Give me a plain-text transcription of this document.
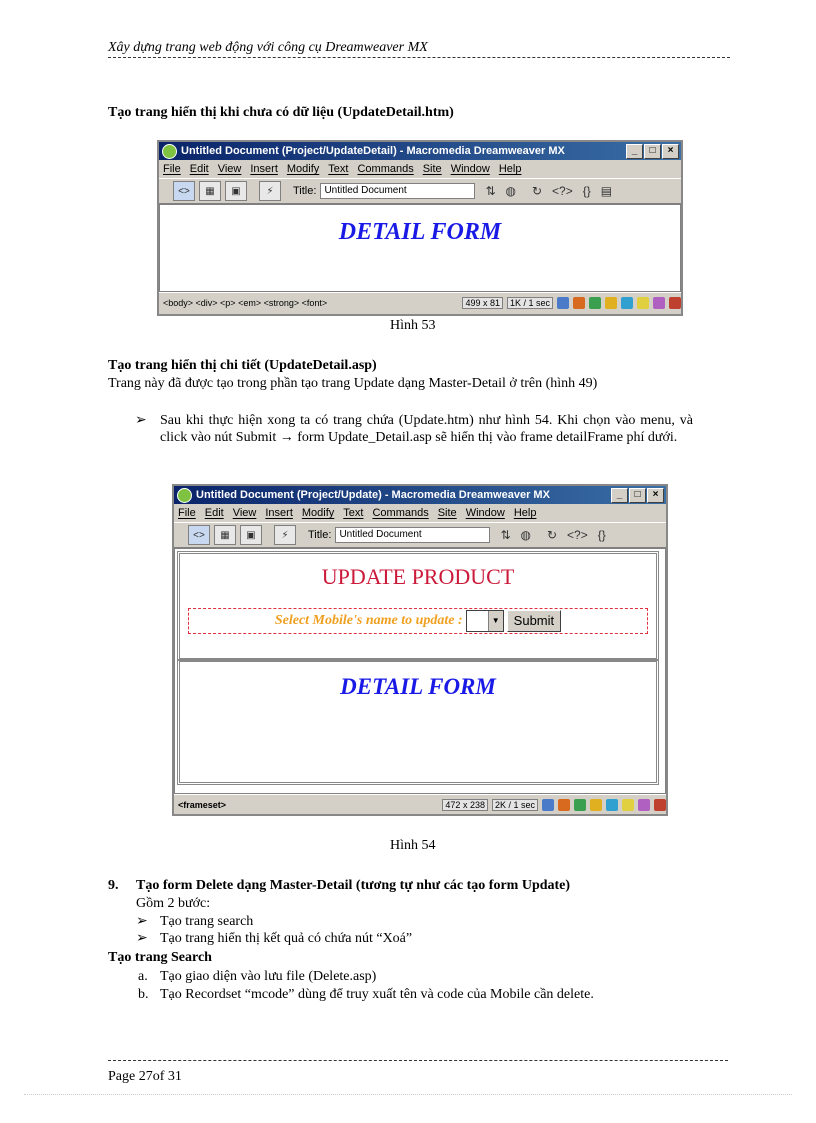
Xây dựng trang web động với công cụ Dreamweaver MX
Tạo trang hiển thị khi chưa có dữ liệu (UpdateDetail.htm)
Untitled Document (Project/UpdateDetail) - Macromedia Dreamweaver MX	_	□	×
File Edit View Insert Modify Text Commands Site Window Help
<>	▦	▣	⚡	Title: Untitled Document	⇅ ◍ ↻ <?> {} ▤
DETAIL FORM
<body> <div> <p> <em> <strong> <font>	499 x 81	1K / 1 sec
Hình 53
Tạo trang hiển thị chi tiết (UpdateDetail.asp)
Trang này đã được tạo trong phần tạo trang Update dạng Master-Detail ở trên (hình 49)
➢ Sau khi thực hiện xong ta có trang chứa (Update.htm) như hình 54. Khi chọn vào menu, và click vào nút Submit → form Update_Detail.asp sẽ hiển thị vào frame detailFrame phí dưới.
Untitled Document (Project/Update) - Macromedia Dreamweaver MX	_	□	×
File Edit View Insert Modify Text Commands Site Window Help
<>	▦	▣	⚡	Title: Untitled Document	⇅ ◍ ↻ <?> {}
UPDATE PRODUCT
Select Mobile's name to update :	▼	Submit
DETAIL FORM
<frameset>	472 x 238	2K / 1 sec
Hình 54
9. Tạo form Delete dạng Master-Detail (tương tự như các tạo form Update)
Gồm 2 bước:
➢ Tạo trang search
➢ Tạo trang hiển thị kết quả có chứa nút “Xoá”
Tạo trang Search
a. Tạo giao diện vào lưu file (Delete.asp)
b. Tạo Recordset “mcode” dùng để truy xuất tên và code của Mobile cần delete.
Page 27of 31
